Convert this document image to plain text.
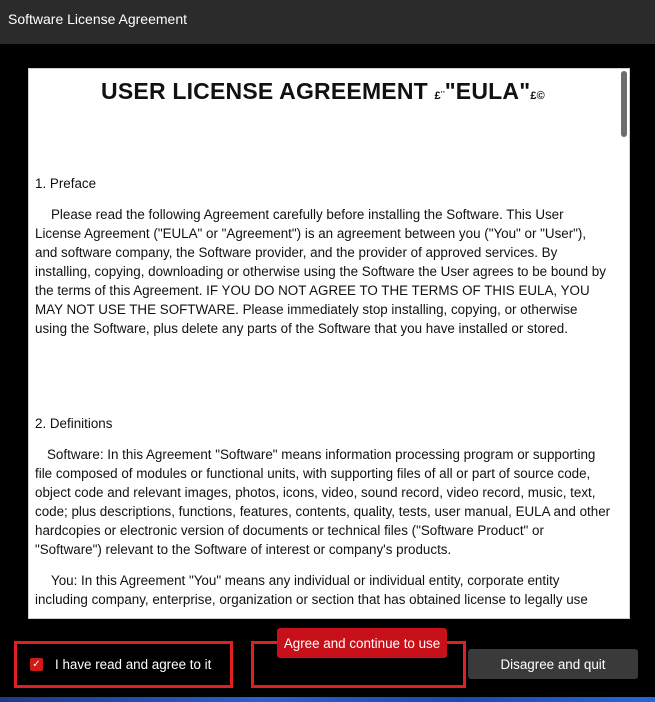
Software License Agreement
USER LICENSE AGREEMENT £¨"EULA"£©

1. Preface

Please read the following Agreement carefully before installing the Software. This User License Agreement ("EULA" or "Agreement") is an agreement between you ("You" or "User"), and software company, the Software provider, and the provider of approved services. By installing, copying, downloading or otherwise using the Software the User agrees to be bound by the terms of this Agreement. IF YOU DO NOT AGREE TO THE TERMS OF THIS EULA, YOU MAY NOT USE THE SOFTWARE. Please immediately stop installing, copying, or otherwise using the Software, plus delete any parts of the Software that you have installed or stored.

2. Definitions

Software: In this Agreement "Software" means information processing program or supporting file composed of modules or functional units, with supporting files of all or part of source code, object code and relevant images, photos, icons, video, sound record, video record, music, text, code; plus descriptions, functions, features, contents, quality, tests, user manual, EULA and other hardcopies or electronic version of documents or technical files ("Software Product" or "Software") relevant to the Software of interest or company's products.

You: In this Agreement "You" means any individual or individual entity, corporate entity including company, enterprise, organization or section that has obtained license to legally use

✓ I have read and agree to it
Agree and continue to use
Disagree and quit
